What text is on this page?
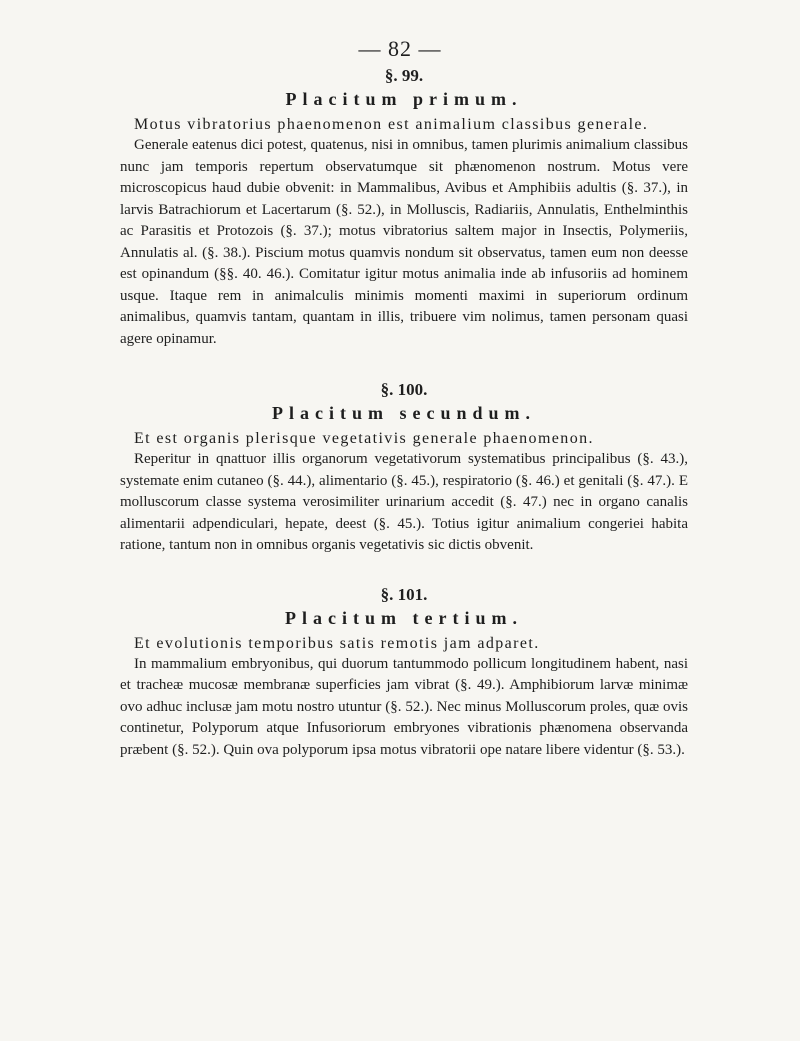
— 82 —

§. 99.

Placitum primum.

Motus vibratorius phaenomenon est animalium classibus generale.

Generale eatenus dici potest, quatenus, nisi in omnibus, tamen plurimis animalium classibus nunc jam temporis repertum observatumque sit phænomenon nostrum. Motus vere microscopicus haud dubie obvenit: in Mammalibus, Avibus et Amphibiis adultis (§. 37.), in larvis Batrachiorum et Lacertarum (§. 52.), in Molluscis, Radiariis, Annulatis, Enthelminthis ac Parasitis et Protozois (§. 37.); motus vibratorius saltem major in Insectis, Polymeriis, Annulatis al. (§. 38.). Piscium motus quamvis nondum sit observatus, tamen eum non deesse est opinandum (§§. 40. 46.). Comitatur igitur motus animalia inde ab infusoriis ad hominem usque. Itaque rem in animalculis minimis momenti maximi in superiorum ordinum animalibus, quamvis tantam, quantam in illis, tribuere vim nolimus, tamen personam quasi agere opinamur.

§. 100.

Placitum secundum.

Et est organis plerisque vegetativis generale phaenomenon.

Reperitur in qnattuor illis organorum vegetativorum systematibus principalibus (§. 43.), systemate enim cutaneo (§. 44.), alimentario (§. 45.), respiratorio (§. 46.) et genitali (§. 47.). E molluscorum classe systema verosimiliter urinarium accedit (§. 47.) nec in organo canalis alimentarii adpendiculari, hepate, deest (§. 45.). Totius igitur animalium congeriei habita ratione, tantum non in omnibus organis vegetativis sic dictis obvenit.

§. 101.

Placitum tertium.

Et evolutionis temporibus satis remotis jam adparet.

In mammalium embryonibus, qui duorum tantummodo pollicum longitudinem habent, nasi et tracheæ mucosæ membranæ superficies jam vibrat (§. 49.). Amphibiorum larvæ minimæ ovo adhuc inclusæ jam motu nostro utuntur (§. 52.). Nec minus Molluscorum proles, quæ ovis continetur, Polyporum atque Infusoriorum embryones vibrationis phænomena observanda præbent (§. 52.). Quin ova polyporum ipsa motus vibratorii ope natare libere videntur (§. 53.).
